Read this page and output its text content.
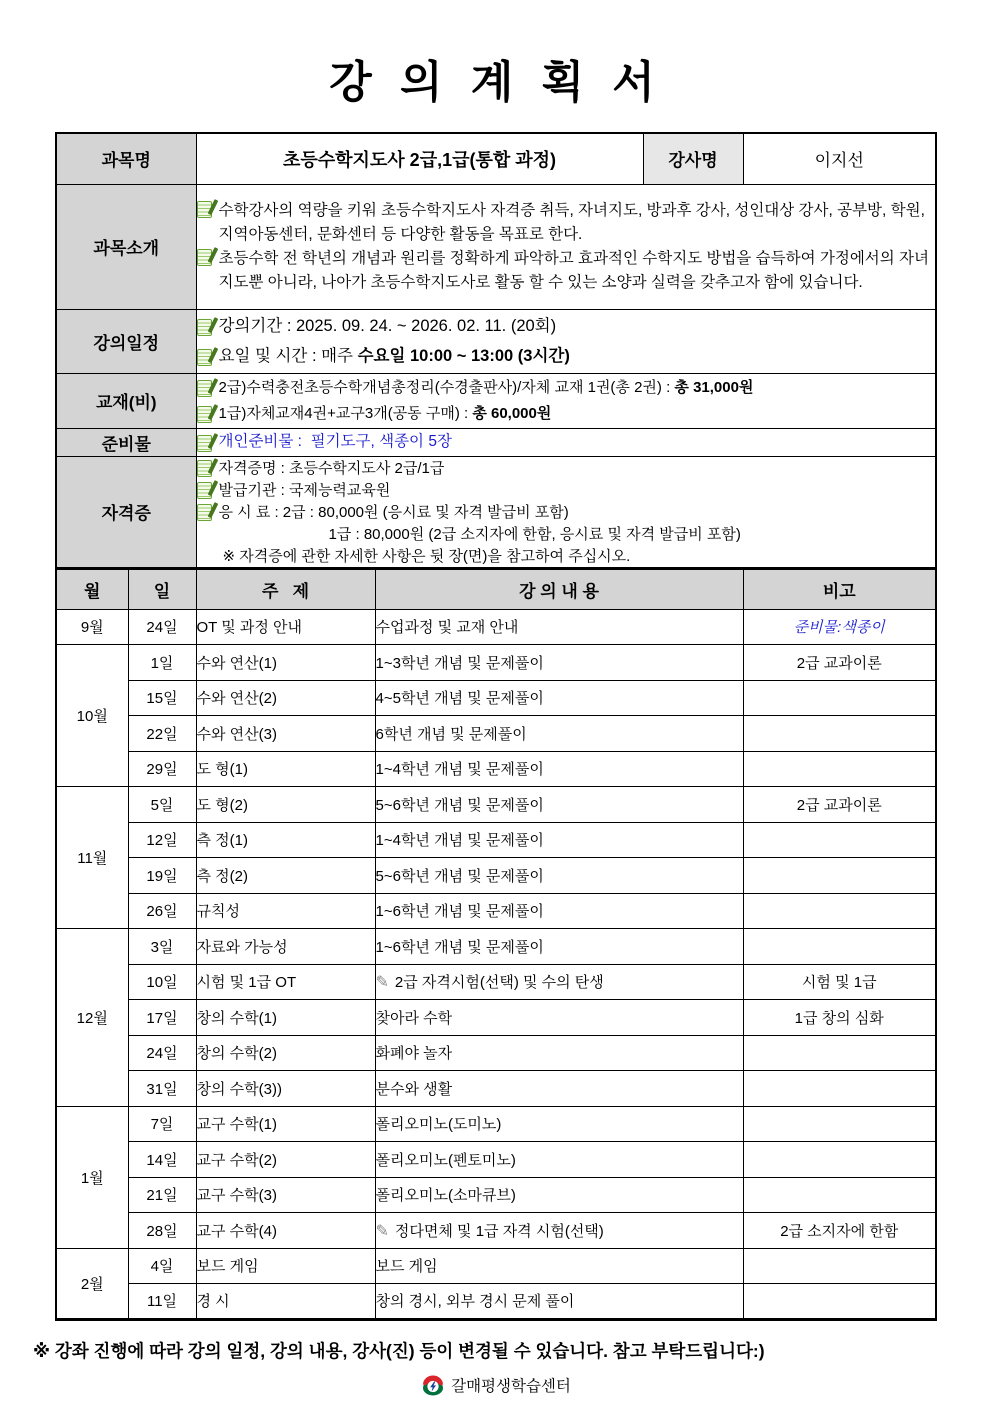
강 의 계 획 서
과목명	초등수학지도사 2급,1급(통합 과정)	강사명	이지선
과목소개	수학강사의 역량을 키워 초등수학지도사 자격증 취득, 자녀지도, 방과후 강사, 성인대상 강사, 공부방, 학원, 지역아동센터, 문화센터 등 다양한 활동을 목표로 한다.
초등수학 전 학년의 개념과 원리를 정확하게 파악하고 효과적인 수학지도 방법을 습득하여 가정에서의 자녀지도뿐 아니라, 나아가 초등수학지도사로 활동 할 수 있는 소양과 실력을 갖추고자 함에 있습니다.		

강의일정	강의기간 : 2025. 09. 24. ~ 2026. 02. 11. (20회)
요일 및 시간 : 매주 수요일 10:00 ~ 13:00 (3시간)		

교재(비)	2급)수력충전초등수학개념총정리(수경출판사)/자체 교재 1권(총 2권) : 총 31,000원
1급)자체교재4권+교구3개(공동 구매) : 총 60,000원		

준비물	개인준비물 :  필기도구, 색종이 5장		

자격증	자격증명 : 초등수학지도사 2급/1급
발급기관 : 국제능력교육원
응 시 료 : 2급 : 80,000원 (응시료 및 자격 발급비 포함)
1급 : 80,000원 (2급 소지자에 한함, 응시료 및 자격 발급비 포함)
※ 자격증에 관한 자세한 사항은 뒷 장(면)을 참고하여 주십시오.		
월	일	주   제	강 의 내 용	비고
9월	24일	OT 및 과정 안내	수업과정 및 교재 안내	준비물:색종이
10월	1일	수와 연산(1)	1~3학년 개념 및 문제풀이	2급 교과이론
	15일	수와 연산(2)	4~5학년 개념 및 문제풀이	
	22일	수와 연산(3)	6학년 개념 및 문제풀이	
	29일	도 형(1)	1~4학년 개념 및 문제풀이	
11월	5일	도 형(2)	5~6학년 개념 및 문제풀이	2급 교과이론
	12일	측 정(1)	1~4학년 개념 및 문제풀이	
	19일	측 정(2)	5~6학년 개념 및 문제풀이	
	26일	규칙성	1~6학년 개념 및 문제풀이	
12월	3일	자료와 가능성	1~6학년 개념 및 문제풀이	
	10일	시험 및 1급 OT	✎ 2급 자격시험(선택) 및 수의 탄생	시험 및 1급
	17일	창의 수학(1)	찾아라 수학	1급 창의 심화
	24일	창의 수학(2)	화폐야 놀자	
	31일	창의 수학(3))	분수와 생활	
1월	7일	교구 수학(1)	폴리오미노(도미노)	
	14일	교구 수학(2)	폴리오미노(펜토미노)	
	21일	교구 수학(3)	폴리오미노(소마큐브)	
	28일	교구 수학(4)	✎ 정다면체 및 1급 자격 시험(선택)	2급 소지자에 한함
2월	4일	보드 게임	보드 게임	
	11일	경 시	창의 경시, 외부 경시 문제 풀이	
※ 강좌 진행에 따라 강의 일정, 강의 내용, 강사(진) 등이 변경될 수 있습니다. 참고 부탁드립니다:)
갈매평생학습센터
